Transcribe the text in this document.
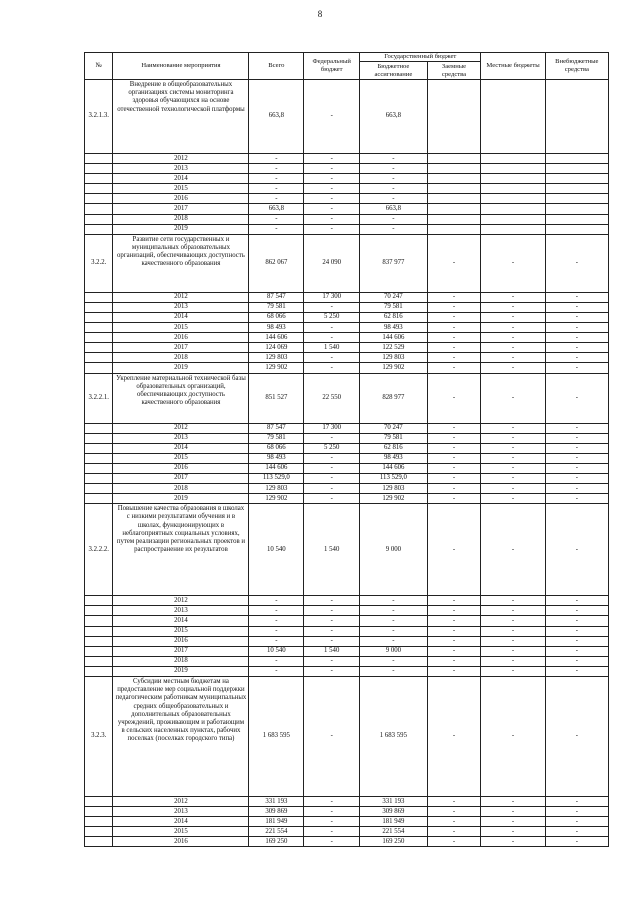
8
№	Наименование мероприятия	Всего	Федеральный бюджет	Государственный бюджет		Местные бюджеты	Внебюджетные средства
				Бюджетное ассигнование	Заемные средства		
3.2.1.3.	Внедрение в общеобразовательных организациях системы мониторинга здоровья обучающихся на основе отечественной технологической платформы	663,8	-	663,8			
	2012	-	-	-			
	2013	-	-	-			
	2014	-	-	-			
	2015	-	-	-			
	2016	-	-	-			
	2017	663,8	-	663,8			
	2018	-	-	-			
	2019	-	-	-			
3.2.2.	Развитие сети государственных и муниципальных образовательных организаций, обеспечивающих доступность качественного образования	862 067	24 090	837 977	-	-	-
	2012	87 547	17 300	70 247	-	-	-
	2013	79 581	-	79 581	-	-	-
	2014	68 066	5 250	62 816	-	-	-
	2015	98 493	-	98 493	-	-	-
	2016	144 606	-	144 606	-	-	-
	2017	124 069	1 540	122 529	-	-	-
	2018	129 803	-	129 803	-	-	-
	2019	129 902	-	129 902	-	-	-
3.2.2.1.	Укрепление материальной технической базы образовательных организаций, обеспечивающих доступность качественного образования	851 527	22 550	828 977	-	-	-
	2012	87 547	17 300	70 247	-	-	-
	2013	79 581	-	79 581	-	-	-
	2014	68 066	5 250	62 816	-	-	-
	2015	98 493	-	98 493	-	-	-
	2016	144 606	-	144 606	-	-	-
	2017	113 529,0	-	113 529,0	-	-	-
	2018	129 803	-	129 803	-	-	-
	2019	129 902	-	129 902	-	-	-
3.2.2.2.	Повышение качества образования в школах с низкими результатами обучения и в школах, функционирующих в неблагоприятных социальных условиях, путем реализации региональных проектов и распространение их результатов	10 540	1 540	9 000	-	-	-
	2012	-	-	-	-	-	-
	2013	-	-	-	-	-	-
	2014	-	-	-	-	-	-
	2015	-	-	-	-	-	-
	2016	-	-	-	-	-	-
	2017	10 540	1 540	9 000	-	-	-
	2018	-	-	-	-	-	-
	2019	-	-	-	-	-	-
3.2.3.	Субсидии местным бюджетам на предоставление мер социальной поддержки педагогическим работникам муниципальных средних общеобразовательных и дополнительных образовательных учреждений, проживающим и работающим в сельских населенных пунктах, рабочих поселках (поселках городского типа)	1 683 595	-	1 683 595	-	-	-
	2012	331 193	-	331 193	-	-	-
	2013	309 869	-	309 869	-	-	-
	2014	181 949	-	181 949	-	-	-
	2015	221 554	-	221 554	-	-	-
	2016	169 250	-	169 250	-	-	-
